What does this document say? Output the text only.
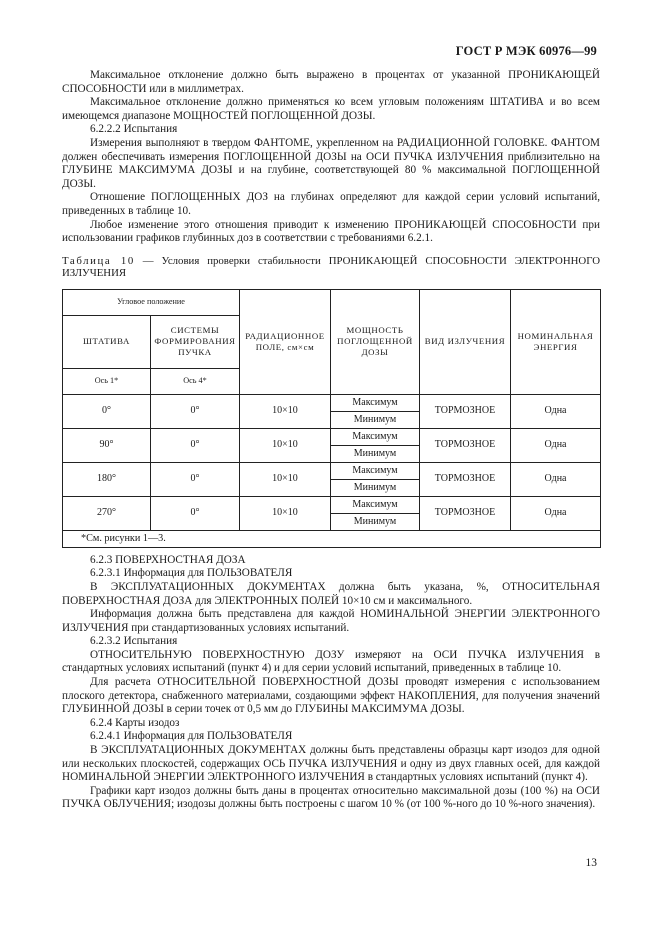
ГОСТ Р МЭК 60976—99

Максимальное отклонение должно быть выражено в процентах от указанной ПРОНИКАЮЩЕЙ СПОСОБНОСТИ или в миллиметрах.

Максимальное отклонение должно применяться ко всем угловым положениям ШТАТИВА и во всем имеющемся диапазоне МОЩНОСТЕЙ ПОГЛОЩЕННОЙ ДОЗЫ.

6.2.2.2 Испытания

Измерения выполняют в твердом ФАНТОМЕ, укрепленном на РАДИАЦИОННОЙ ГОЛОВКЕ. ФАНТОМ должен обеспечивать измерения ПОГЛОЩЕННОЙ ДОЗЫ на ОСИ ПУЧКА ИЗЛУЧЕНИЯ приблизительно на ГЛУБИНЕ МАКСИМУМА ДОЗЫ и на глубине, соответствующей 80 % максимальной ПОГЛОЩЕННОЙ ДОЗЫ.

Отношение ПОГЛОЩЕННЫХ ДОЗ на глубинах определяют для каждой серии условий испытаний, приведенных в таблице 10.

Любое изменение этого отношения приводит к изменению ПРОНИКАЮЩЕЙ СПОСОБНОСТИ при использовании графиков глубинных доз в соответствии с требованиями 6.2.1.

Таблица 10 — Условия проверки стабильности ПРОНИКАЮЩЕЙ СПОСОБНОСТИ ЭЛЕКТРОННОГО ИЗЛУЧЕНИЯ

Угловое положение		РАДИАЦИОННОЕ ПОЛЕ, см×см	МОЩНОСТЬ ПОГЛОЩЕННОЙ ДОЗЫ	ВИД ИЗЛУЧЕНИЯ	НОМИНАЛЬНАЯ ЭНЕРГИЯ
ШТАТИВА	СИСТЕМЫ ФОРМИРОВАНИЯ ПУЧКА				
Ось 1*	Ось 4*				
0°	0°	10×10	Максимум	ТОРМОЗНОЕ	Одна
			Минимум		
90°	0°	10×10	Максимум	ТОРМОЗНОЕ	Одна
			Минимум		
180°	0°	10×10	Максимум	ТОРМОЗНОЕ	Одна
			Минимум		
270°	0°	10×10	Максимум	ТОРМОЗНОЕ	Одна
			Минимум		
*См. рисунки 1—3.					

6.2.3 ПОВЕРХНОСТНАЯ ДОЗА

6.2.3.1 Информация для ПОЛЬЗОВАТЕЛЯ

В ЭКСПЛУАТАЦИОННЫХ ДОКУМЕНТАХ должна быть указана, %, ОТНОСИТЕЛЬНАЯ ПОВЕРХНОСТНАЯ ДОЗА для ЭЛЕКТРОННЫХ ПОЛЕЙ 10×10 см и максимального.

Информация должна быть представлена для каждой НОМИНАЛЬНОЙ ЭНЕРГИИ ЭЛЕКТРОННОГО ИЗЛУЧЕНИЯ при стандартизованных условиях испытаний.

6.2.3.2 Испытания

ОТНОСИТЕЛЬНУЮ ПОВЕРХНОСТНУЮ ДОЗУ измеряют на ОСИ ПУЧКА ИЗЛУЧЕНИЯ в стандартных условиях испытаний (пункт 4) и для серии условий испытаний, приведенных в таблице 10.

Для расчета ОТНОСИТЕЛЬНОЙ ПОВЕРХНОСТНОЙ ДОЗЫ проводят измерения с использованием плоского детектора, снабженного материалами, создающими эффект НАКОПЛЕНИЯ, для получения значений ГЛУБИННОЙ ДОЗЫ в серии точек от 0,5 мм до ГЛУБИНЫ МАКСИМУМА ДОЗЫ.

6.2.4 Карты изодоз

6.2.4.1 Информация для ПОЛЬЗОВАТЕЛЯ

В ЭКСПЛУАТАЦИОННЫХ ДОКУМЕНТАХ должны быть представлены образцы карт изодоз для одной или нескольких плоскостей, содержащих ОСЬ ПУЧКА ИЗЛУЧЕНИЯ и одну из двух главных осей, для каждой НОМИНАЛЬНОЙ ЭНЕРГИИ ЭЛЕКТРОННОГО ИЗЛУЧЕНИЯ в стандартных условиях испытаний (пункт 4).

Графики карт изодоз должны быть даны в процентах относительно максимальной дозы (100 %) на ОСИ ПУЧКА ОБЛУЧЕНИЯ; изодозы должны быть построены с шагом 10 % (от 100 %-ного до 10 %-ного значения).

13
